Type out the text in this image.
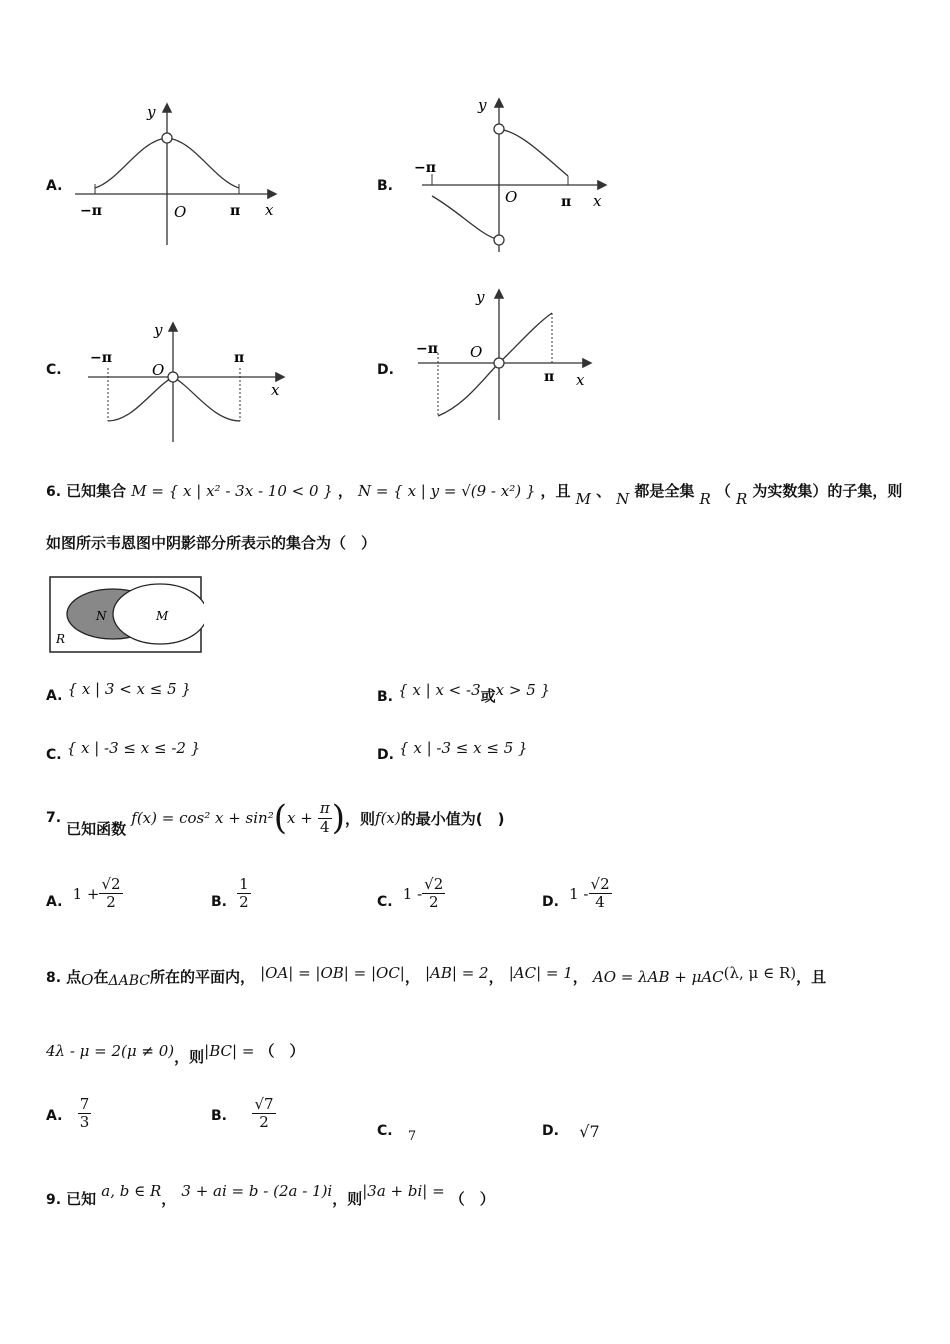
A.
y
x
O
−π	π
B.
y
x
O
−π
π
C.
y
x
O
−π	π
D.
y
x
O
−π
π
6. 已知集合 M = { x | x² - 3x - 10 < 0 } ， N = { x | y = √(9 - x²) } ，且 M 、 N 都是全集 R （ R 为实数集）的子集，则
如图所示韦恩图中阴影部分所表示的集合为（　）
N	M
R
A. { x | 3 < x ≤ 5 }	B. { x | x < -3或x > 5 }
C. { x | -3 ≤ x ≤ -2 }	D. { x | -3 ≤ x ≤ 5 }
7.

已知函数

f(x) = cos² x + sin² ( x +
$\frac{\pi}{4}$ ) ，则 f(x) 的最小值为(　)
A.
$1 + \frac{√2}{2}$	B.
$\frac{1}{2}$	C.
$1 - \frac{√2}{2}$	D.
$1 - \frac{√2}{4}$
8. 点O在ΔABC所在的平面内， |OA| = |OB| = |OC|， |AB| = 2， |AC| = 1， AO = λAB + μAC(λ, μ ∈ R)，且
4λ - μ = 2(μ ≠ 0)，则|BC| = （　）
A.
$\frac{7}{3}$	B.
$\frac{√7}{2}$	C. $_7$	D. √7
9. 已知 a, b ∈ R， 3 + ai = b - (2a - 1)i，则|3a + bi| = （　）
